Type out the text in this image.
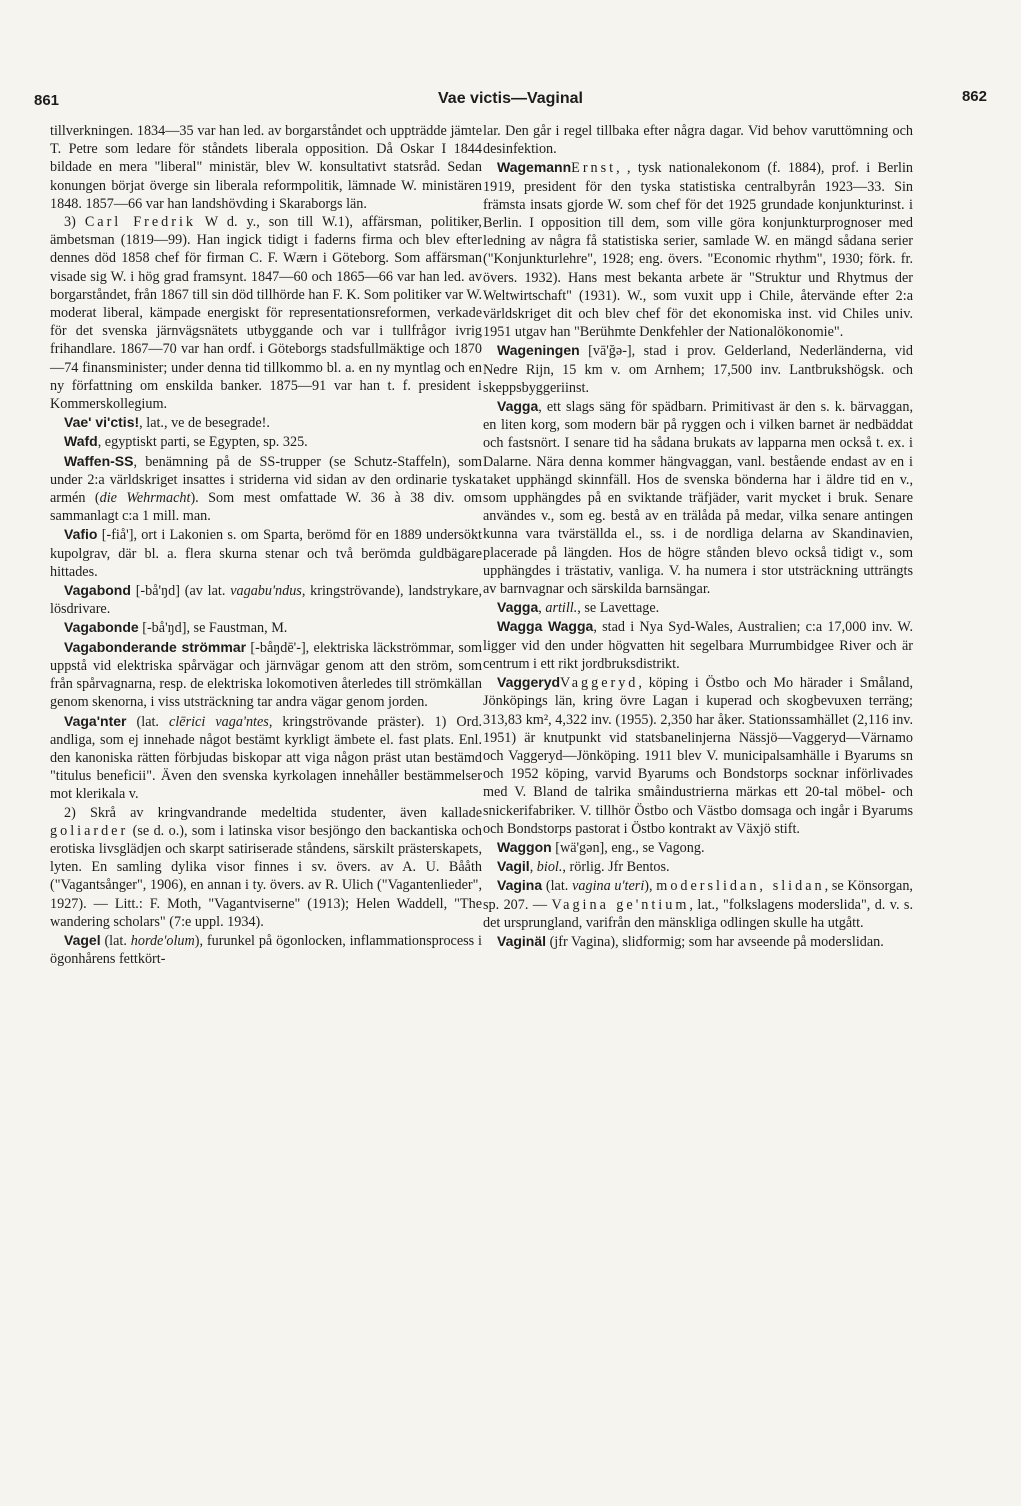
861	Vae victis—Vaginal	862

tillverkningen. 1834—35 var han led. av borgarståndet och uppträdde jämte T. Petre som ledare för ståndets liberala opposition. Då Oskar I 1844 bildade en mera "liberal" ministär, blev W. konsultativt statsråd. Sedan konungen börjat överge sin liberala reformpolitik, lämnade W. ministären 1848. 1857—66 var han landshövding i Skaraborgs län.

3) Carl Fredrik W d. y., son till W.1), affärsman, politiker, ämbetsman (1819—99). Han ingick tidigt i faderns firma och blev efter dennes död 1858 chef för firman C. F. Wærn i Göteborg. Som affärsman visade sig W. i hög grad framsynt. 1847—60 och 1865—66 var han led. av borgarståndet, från 1867 till sin död tillhörde han F. K. Som politiker var W. moderat liberal, kämpade energiskt för representationsreformen, verkade för det svenska järnvägsnätets utbyggande och var i tullfrågor ivrig frihandlare. 1867—70 var han ordf. i Göteborgs stadsfullmäktige och 1870—74 finansminister; under denna tid tillkommo bl. a. en ny myntlag och en ny författning om enskilda banker. 1875—91 var han t. f. president i Kommerskollegium.

Vae' vi'ctis!, lat., ve de besegrade!.

Wafd, egyptiskt parti, se Egypten, sp. 325.

Waffen-SS, benämning på de SS-trupper (se Schutz-Staffeln), som under 2:a världskriget insattes i striderna vid sidan av den ordinarie tyska armén (die Wehrmacht). Som mest omfattade W. 36 à 38 div. om sammanlagt c:a 1 mill. man.

Vafio [-fiå'], ort i Lakonien s. om Sparta, berömd för en 1889 undersökt kupolgrav, där bl. a. flera skurna stenar och två berömda guldbägare hittades.

Vagabond [-bå'ŋd] (av lat. vagabu'ndus, kringströvande), landstrykare, lösdrivare.

Vagabonde [-bå'ŋd], se Faustman, M.

Vagabonderande strömmar [-båŋdē'-], elektriska läckströmmar, som uppstå vid elektriska spårvägar och järnvägar genom att den ström, som från spårvagnarna, resp. de elektriska lokomotiven återledes till strömkällan genom skenorna, i viss utsträckning tar andra vägar genom jorden.

Vaga'nter (lat. clērici vaga'ntes, kringströvande präster). 1) Ord. andliga, som ej innehade något bestämt kyrkligt ämbete el. fast plats. Enl. den kanoniska rätten förbjudas biskopar att viga någon präst utan bestämd "titulus beneficii". Även den svenska kyrkolagen innehåller bestämmelser mot klerikala v.

2) Skrå av kringvandrande medeltida studenter, även kallade goliarder (se d. o.), som i latinska visor besjöngo den backantiska och erotiska livsglädjen och skarpt satiriserade ståndens, särskilt prästerskapets, lyten. En samling dylika visor finnes i sv. övers. av A. U. Bååth ("Vagantsånger", 1906), en annan i ty. övers. av R. Ulich ("Vagantenlieder", 1927). — Litt.: F. Moth, "Vagantviserne" (1913); Helen Waddell, "The wandering scholars" (7:e uppl. 1934).

Vagel (lat. horde'olum), furunkel på ögonlocken, inflammationsprocess i ögonhårens fettkört-

lar. Den går i regel tillbaka efter några dagar. Vid behov varuttömning och desinfektion.

WagemannErnst, , tysk nationalekonom (f. 1884), prof. i Berlin 1919, president för den tyska statistiska centralbyrån 1923—33. Sin främsta insats gjorde W. som chef för det 1925 grundade konjunkturinst. i Berlin. I opposition till dem, som ville göra konjunkturprognoser med ledning av några få statistiska serier, samlade W. en mängd sådana serier ("Konjunkturlehre", 1928; eng. övers. "Economic rhythm", 1930; förk. fr. övers. 1932). Hans mest bekanta arbete är "Struktur und Rhytmus der Weltwirtschaft" (1931). W., som vuxit upp i Chile, återvände efter 2:a världskriget dit och blev chef för det ekonomiska inst. vid Chiles univ. 1951 utgav han "Berühmte Denkfehler der Nationalökonomie".

Wageningen [vā'ğə-], stad i prov. Gelderland, Nederländerna, vid Nedre Rijn, 15 km v. om Arnhem; 17,500 inv. Lantbrukshögsk. och skeppsbyggeriinst.

Vagga, ett slags säng för spädbarn. Primitivast är den s. k. bärvaggan, en liten korg, som modern bär på ryggen och i vilken barnet är nedbäddat och fastsnört. I senare tid ha sådana brukats av lapparna men också t. ex. i Dalarne. Nära denna kommer hängvaggan, vanl. bestående endast av en i taket upphängd skinnfäll. Hos de svenska bönderna har i äldre tid en v., som upphängdes på en sviktande träfjäder, varit mycket i bruk. Senare användes v., som eg. bestå av en trälåda på medar, vilka senare antingen kunna vara tvärställda el., ss. i de nordliga delarna av Skandinavien, placerade på längden. Hos de högre stånden blevo också tidigt v., som upphängdes i trästativ, vanliga. V. ha numera i stor utsträckning utträngts av barnvagnar och särskilda barnsängar.

Vagga, artill., se Lavettage.

Wagga Wagga, stad i Nya Syd-Wales, Australien; c:a 17,000 inv. W. ligger vid den under högvatten hit segelbara Murrumbidgee River och är centrum i ett rikt jordbruksdistrikt.

VaggerydVaggeryd, köping i Östbo och Mo härader i Småland, Jönköpings län, kring övre Lagan i kuperad och skogbevuxen terräng; 313,83 km², 4,322 inv. (1955). 2,350 har åker. Stationssamhället (2,116 inv. 1951) är knutpunkt vid statsbanelinjerna Nässjö—Vaggeryd—Värnamo och Vaggeryd—Jönköping. 1911 blev V. municipalsamhälle i Byarums sn och 1952 köping, varvid Byarums och Bondstorps socknar införlivades med V. Bland de talrika småindustrierna märkas ett 20-tal möbel- och snickerifabriker. V. tillhör Östbo och Västbo domsaga och ingår i Byarums och Bondstorps pastorat i Östbo kontrakt av Växjö stift.

Waggon [wä'gən], eng., se Vagong.

Vagil, biol., rörlig. Jfr Bentos.

Vagina (lat. vagina u'teri), moderslidan, slidan, se Könsorgan, sp. 207. — Vagina ge'ntium, lat., "folkslagens moderslida", d. v. s. det ursprungland, varifrån den mänskliga odlingen skulle ha utgått.

Vaginäl (jfr Vagina), slidformig; som har avseende på moderslidan.
